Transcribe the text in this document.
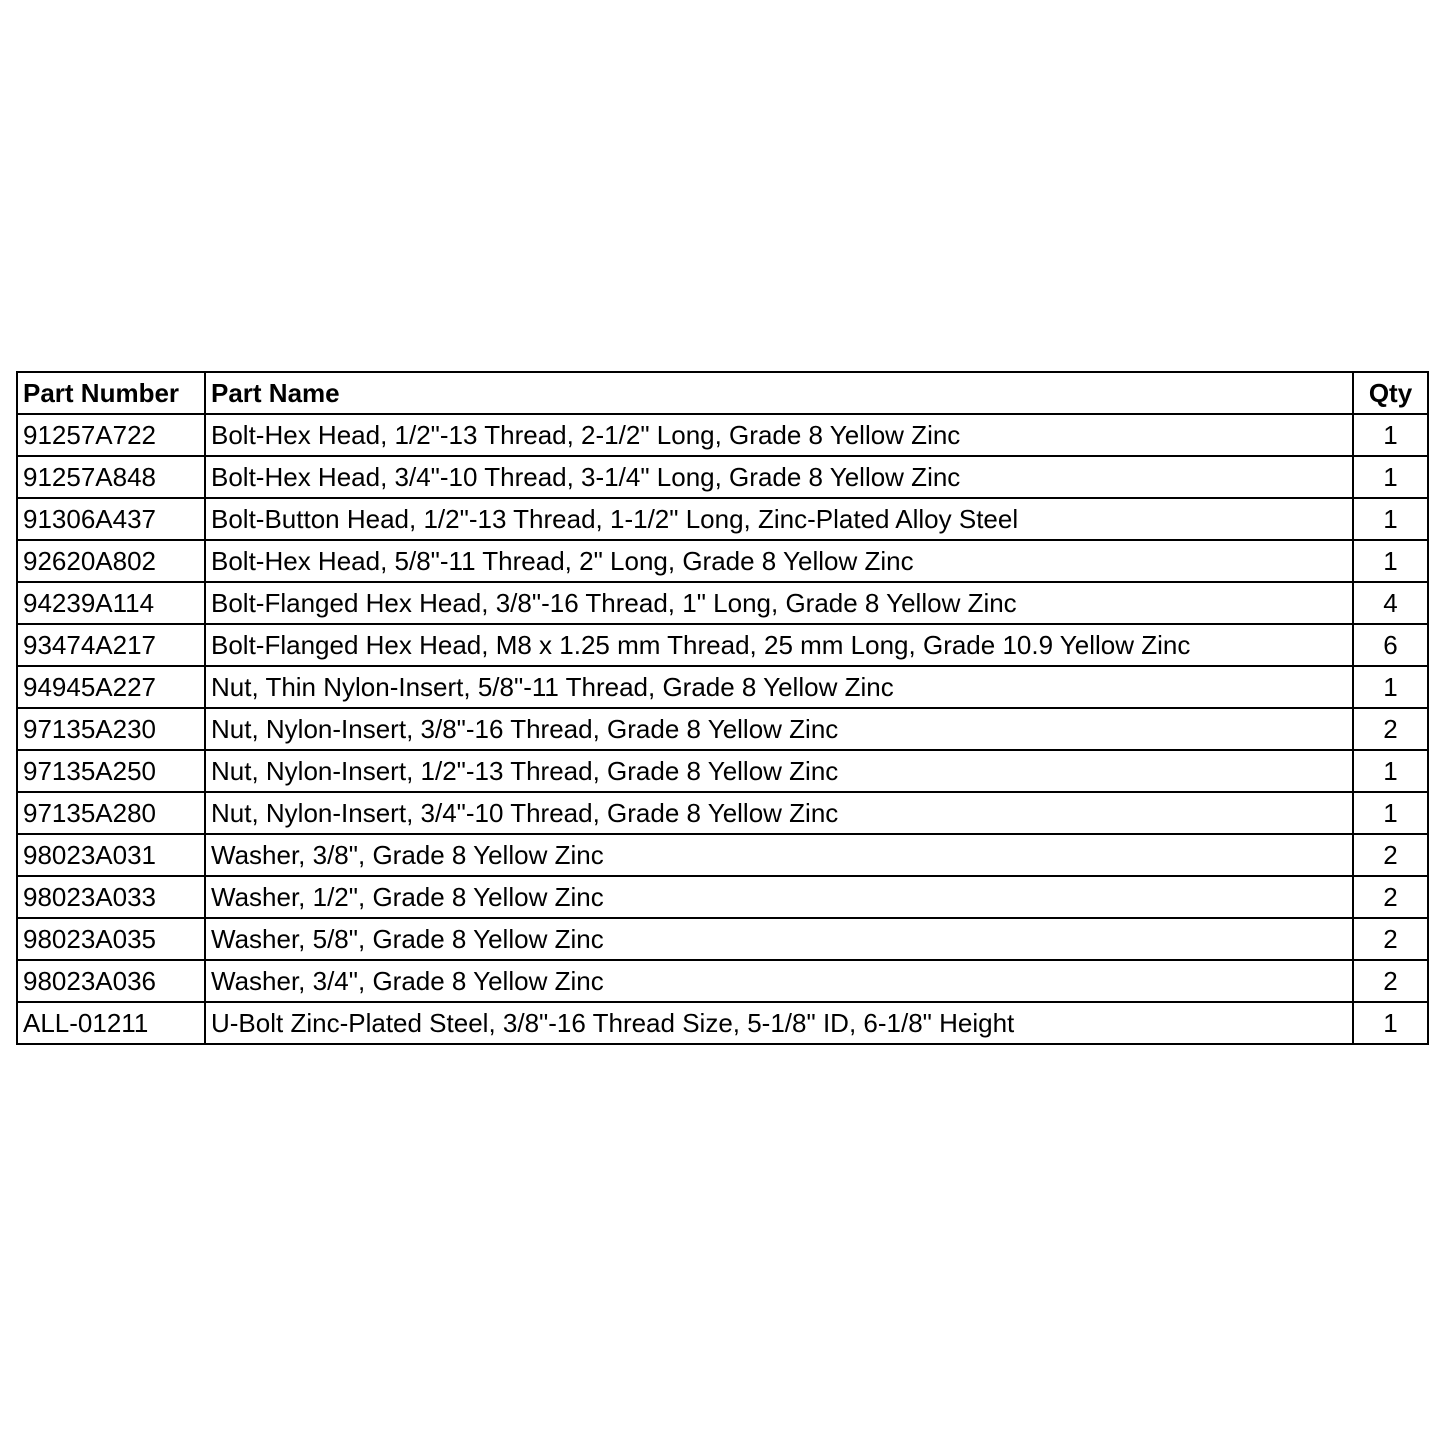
Part Number	Part Name	Qty
91257A722	Bolt-Hex Head, 1/2"-13 Thread, 2-1/2" Long, Grade 8 Yellow Zinc	1
91257A848	Bolt-Hex Head, 3/4"-10 Thread, 3-1/4" Long, Grade 8 Yellow Zinc	1
91306A437	Bolt-Button Head, 1/2"-13 Thread, 1-1/2" Long, Zinc-Plated Alloy Steel	1
92620A802	Bolt-Hex Head, 5/8"-11 Thread, 2" Long, Grade 8 Yellow Zinc	1
94239A114	Bolt-Flanged Hex Head, 3/8"-16 Thread, 1" Long, Grade 8 Yellow Zinc	4
93474A217	Bolt-Flanged Hex Head, M8 x 1.25 mm Thread, 25 mm Long, Grade 10.9 Yellow Zinc	6
94945A227	Nut, Thin Nylon-Insert, 5/8"-11 Thread, Grade 8 Yellow Zinc	1
97135A230	Nut, Nylon-Insert, 3/8"-16 Thread, Grade 8 Yellow Zinc	2
97135A250	Nut, Nylon-Insert, 1/2"-13 Thread, Grade 8 Yellow Zinc	1
97135A280	Nut, Nylon-Insert, 3/4"-10 Thread, Grade 8 Yellow Zinc	1
98023A031	Washer, 3/8", Grade 8 Yellow Zinc	2
98023A033	Washer, 1/2", Grade 8 Yellow Zinc	2
98023A035	Washer, 5/8", Grade 8 Yellow Zinc	2
98023A036	Washer, 3/4", Grade 8 Yellow Zinc	2
ALL-01211	U-Bolt Zinc-Plated Steel, 3/8"-16 Thread Size, 5-1/8" ID, 6-1/8" Height	1
